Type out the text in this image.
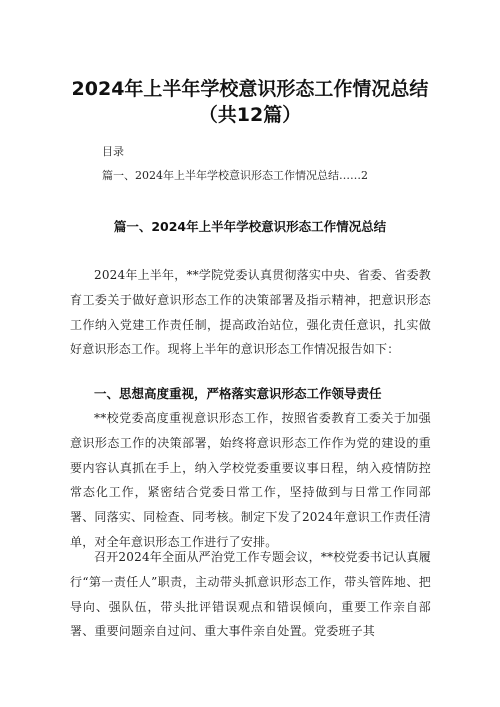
2024年上半年学校意识形态工作情况总结
（共12篇）
目录
篇一、2024年上半年学校意识形态工作情况总结……2
篇一、2024年上半年学校意识形态工作情况总结

2024年上半年，**学院党委认真贯彻落实中央、省委、省委教育工委关于做好意识形态工作的决策部署及指示精神，把意识形态工作纳入党建工作责任制，提高政治站位，强化责任意识，扎实做好意识形态工作。现将上半年的意识形态工作情况报告如下：

一、思想高度重视，严格落实意识形态工作领导责任

**校党委高度重视意识形态工作，按照省委教育工委关于加强意识形态工作的决策部署，始终将意识形态工作作为党的建设的重要内容认真抓在手上，纳入学校党委重要议事日程，纳入疫情防控常态化工作，紧密结合党委日常工作，坚持做到与日常工作同部署、同落实、同检查、同考核。制定下发了2024年意识工作责任清单，对全年意识形态工作进行了安排。

召开2024年全面从严治党工作专题会议，**校党委书记认真履行“第一责任人”职责，主动带头抓意识形态工作，带头管阵地、把导向、强队伍，带头批评错误观点和错误倾向，重要工作亲自部署、重要问题亲自过问、重大事件亲自处置。党委班子其
